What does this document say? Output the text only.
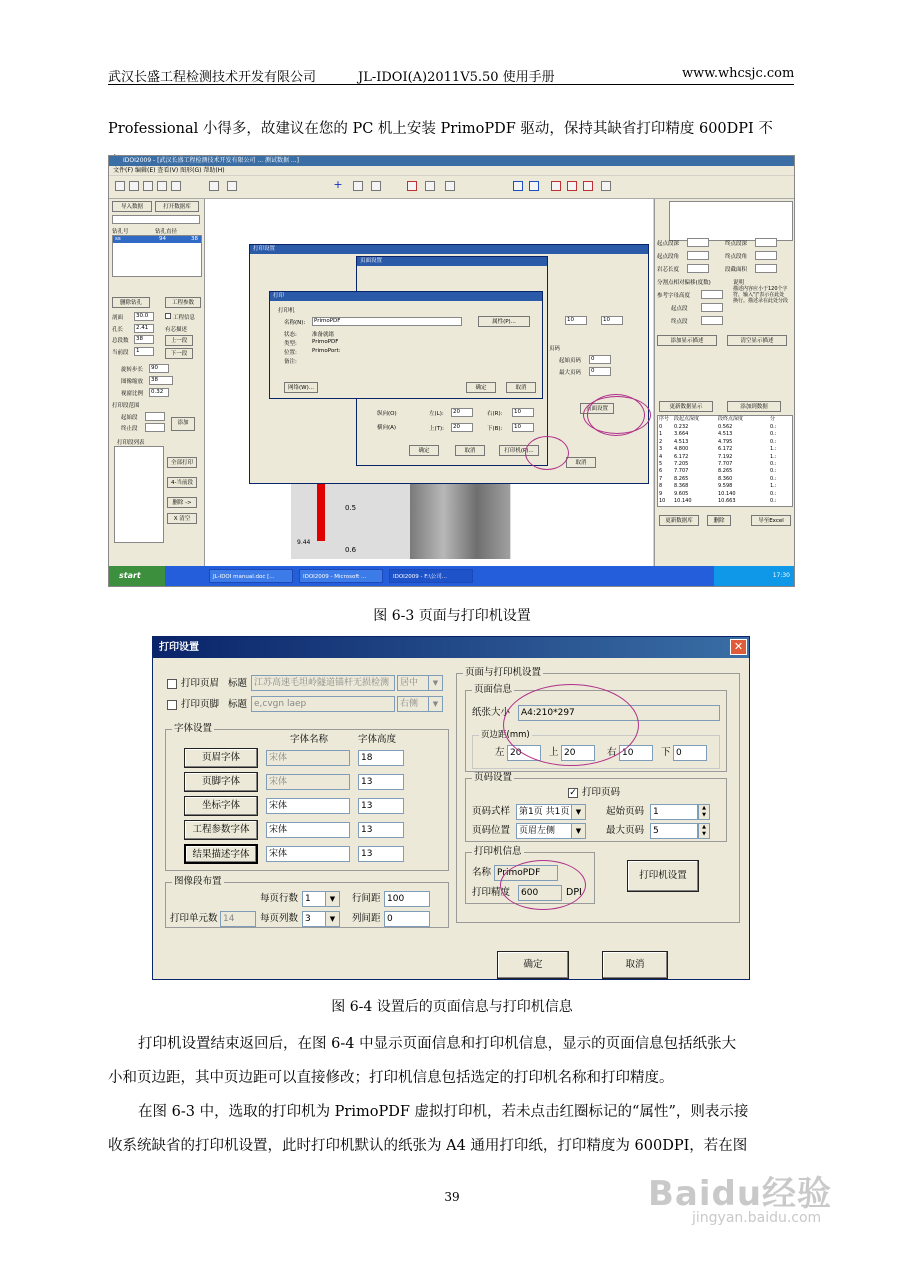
武汉长盛工程检测技术开发有限公司	JL-IDOI(A)2011V5.50 使用手册	www.whcsjc.com
Professional 小得多，故建议在您的 PC 机上安装 PrimoPDF 驱动，保持其缺省打印精度 600DPI 不
IDOI2009 - [武汉长盛工程检测技术开发有限公司 ... 测试数据 ...]
文件(F) 编辑(E) 查看(V) 图形(G) 帮助(H)
+
导入数据	打开数据库
钻孔号	钻孔直径
ss	94	38
删除钻孔	工程参数
剖面	30.0	工程信息
孔长	2.41	有芯描述
总段数	38	上一段
当前段	1	下一段
旋转步长	90
图像缩放	38
视窗比例	0.32
打印段范围
起始段
终止段
添加
打印段列表
全部打印
4-当前段
删除 ->
X 清空
0.5
0.6
9.44
起点段深	终点段深
起点段角	终点段角
岩芯长度	段截面积
分割点相对偏移(度数)
参考字母高度
起点段
终点段
说明
描述内容应小于120个字符，输入"|"表示在此处换行。描述录在此处分段
添加显示描述	清空显示描述
更新数据显示	添加到数据
序号 段起点深度	段终点深度	分
0 0.232	0.562	0.:
1 3.664	4.513	0.:
2 4.513	4.795	0.:
3 4.800	6.172	1.:
4 6.172	7.192	1.:
5 7.205	7.707	0.:
6 7.707	8.265	0.:
7 8.265	8.360	0.:
8 8.368	9.598	1.:
9 9.605	10.140	0.:
10 10.140	10.663	0.:
更新数据库	删除	导至Excel
打印设置
取消
页面设置
页面设置
纵向(O)
横向(A)
左(L):	20	右(R):	10
上(T):	20	下(B):	10
确定	取消	打印机(P)...
页码
起始页码	0
最大页码	0
10	10
打印
打印机
名称(N):	PrimoPDF	属性(P)...
状态:	准备就绪
类型:	PrimoPDF
位置:	PrimoPort:
备注:
网络(W)...	确定	取消
start	JL-IDOI manual.doc [...	IDOI2009 - Microsoft ...	IDOI2009 - F:\公司...	17:30
图 6-3 页面与打印机设置
打印设置	✕
打印页眉 标题 江苏高速毛坦岭隧道锚杆无损检测	居中	▼
打印页脚 标题 e,cvgn laep	右侧	▼
字体设置
字体名称	字体高度
页眉字体	宋体	18
页脚字体	宋体	13
坐标字体	宋体	13
工程参数字体	宋体	13
结果描述字体	宋体	13
图像段布置
每页行数 1	▼	行间距 100
打印单元数 14	每页列数 3	▼	列间距 0
页面与打印机设置
页面信息
纸张大小	A4:210*297
页边距(mm)
左 20	上 20	右 10	下 0
页码设置
✓ 打印页码
页码式样 第1页 共1页 ▼	起始页码 1	▲
▼
页码位置 页眉左侧	▼	最大页码 5	▲
▼
打印机信息
名称 PrimoPDF
打印精度	600	DPI
打印机设置
确定	取消
图 6-4 设置后的页面信息与打印机信息
打印机设置结束返回后，在图 6-4 中显示页面信息和打印机信息，显示的页面信息包括纸张大
小和页边距，其中页边距可以直接修改；打印机信息包括选定的打印机名称和打印精度。
在图 6-3 中，选取的打印机为 PrimoPDF 虚拟打印机，若未点击红圈标记的“属性”，则表示接
收系统缺省的打印机设置，此时打印机默认的纸张为 A4 通用打印纸，打印精度为 600DPI，若在图
39	Baidu经验
jingyan.baidu.com
